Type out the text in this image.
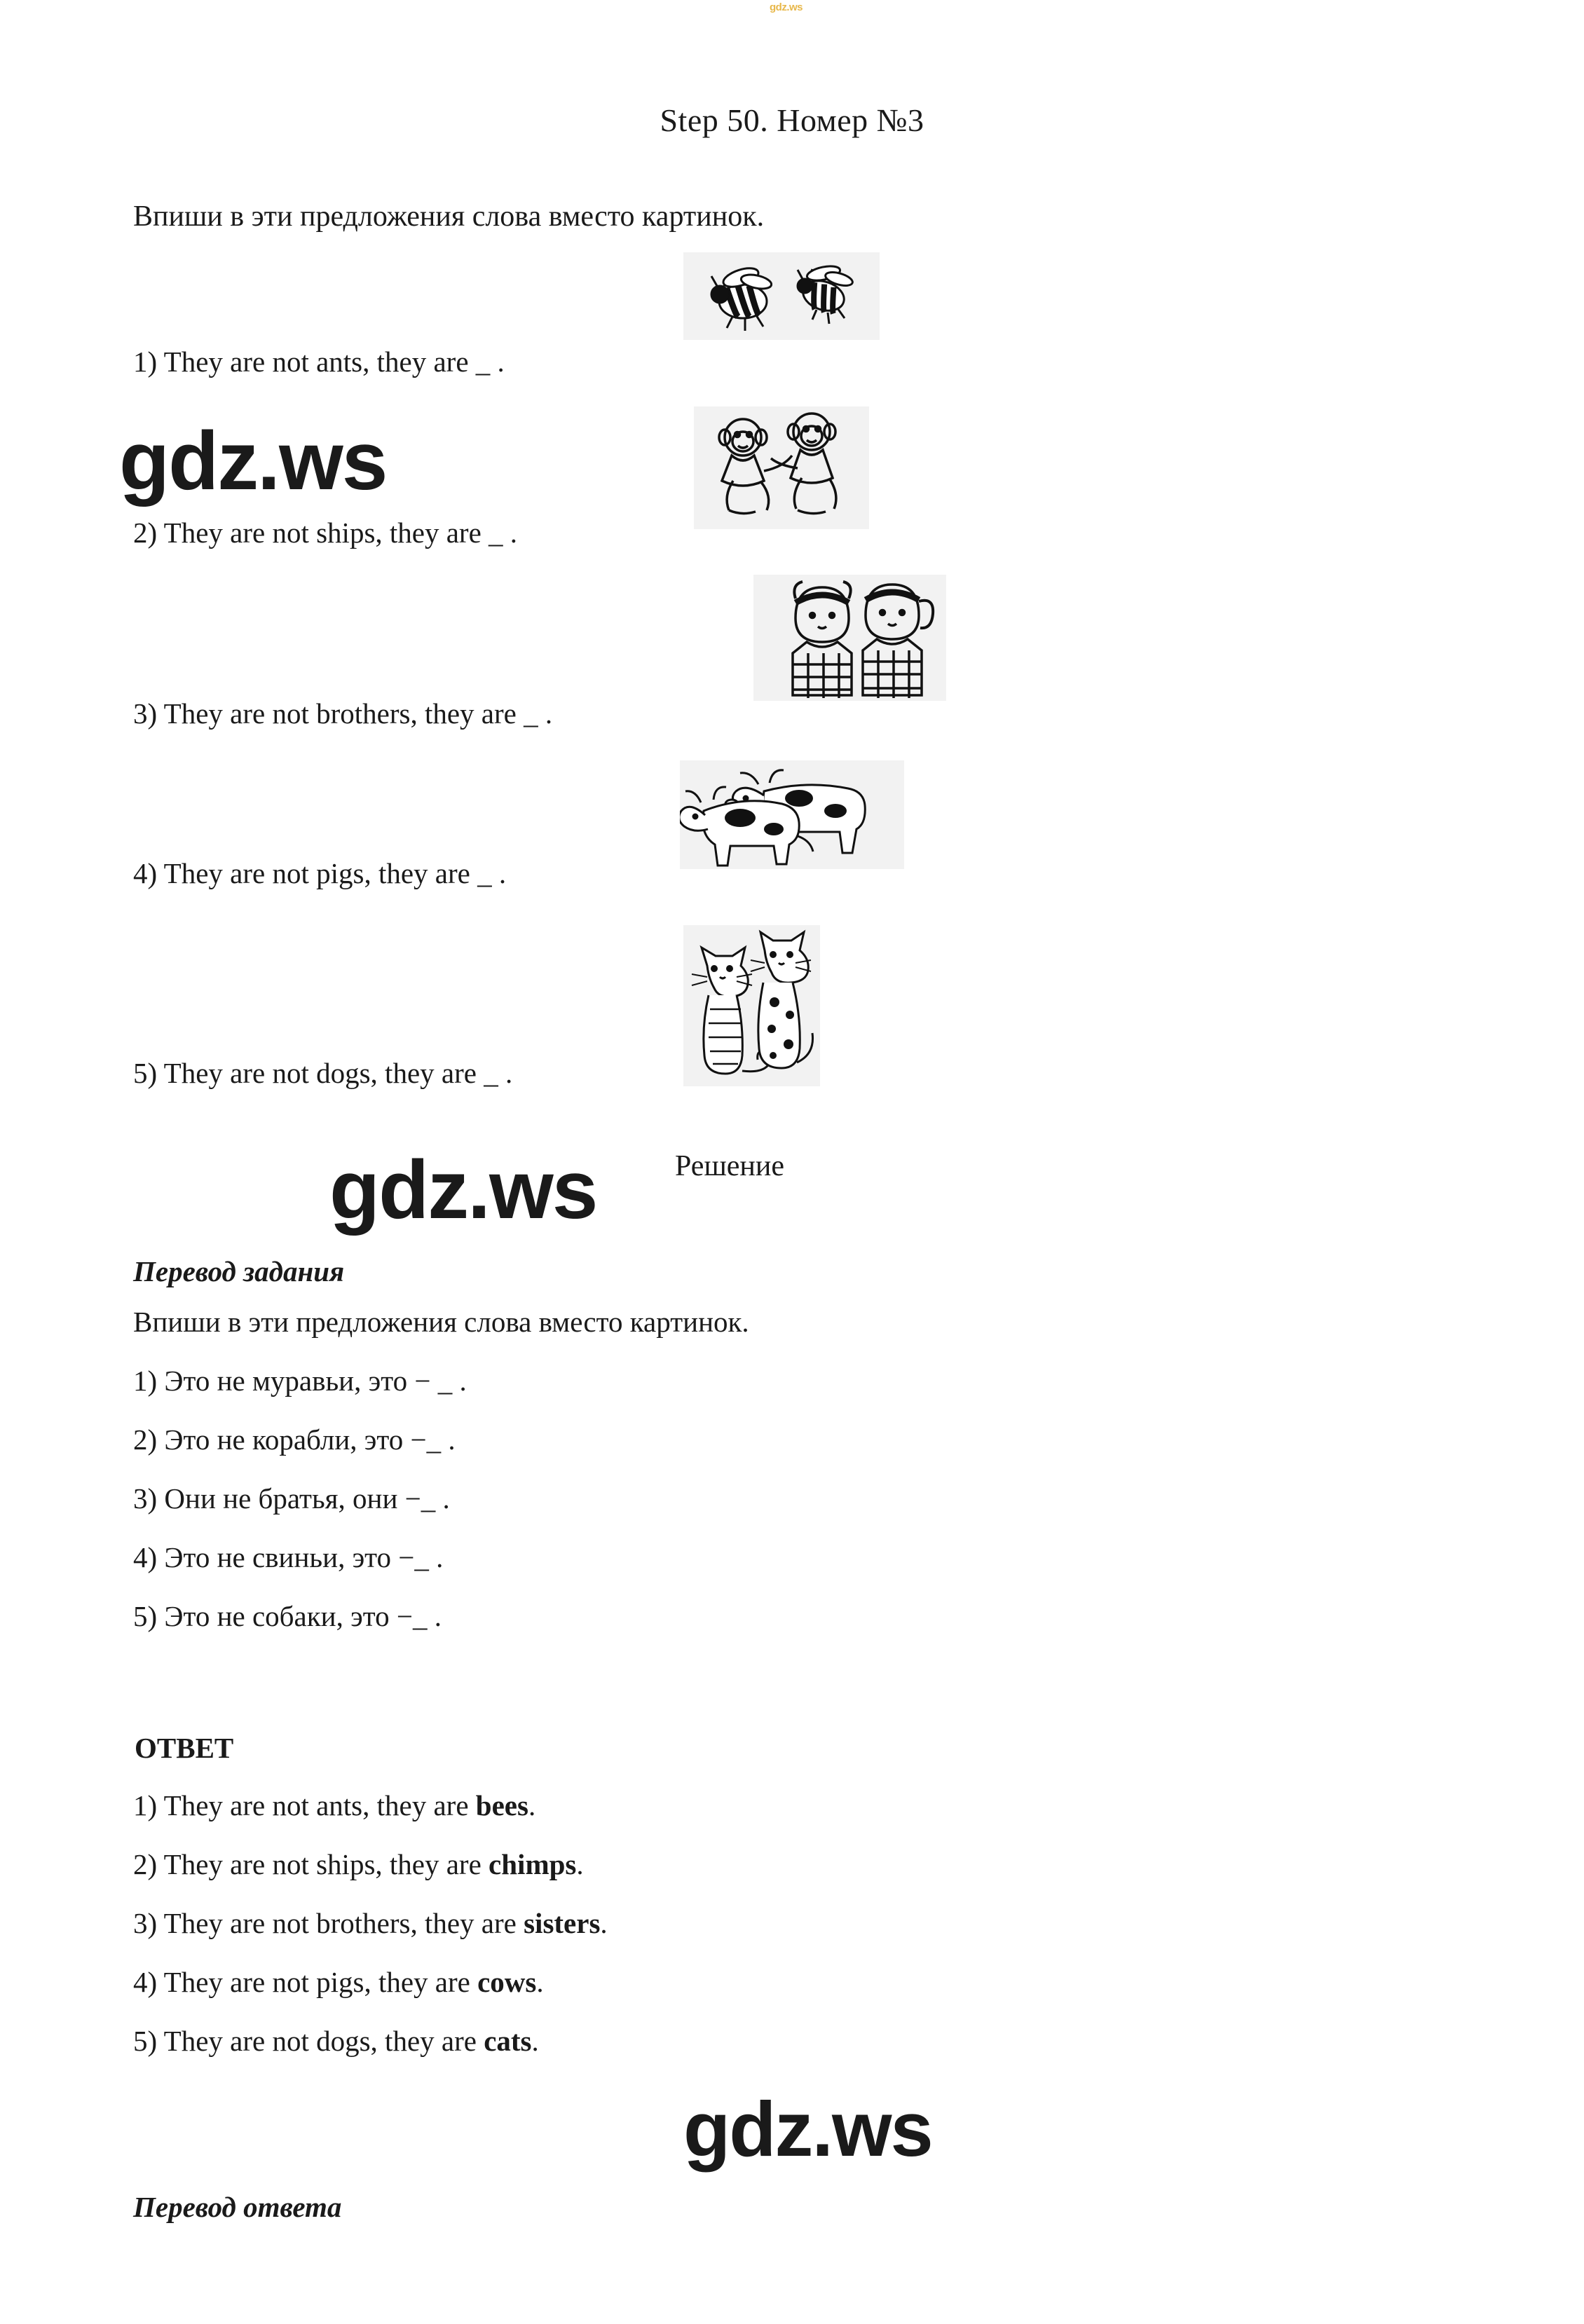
gdz.ws
Step 50. Номер №3
Впиши в эти предложения слова вместо картинок.
1) They are not ants, they are _ .
2) They are not ships, they are _ .
3) They are not brothers, they are _ .
4) They are not pigs, they are _ .
5) They are not dogs, they are _ .
gdz.ws
gdz.ws
gdz.ws
Решение
Перевод задания
Впиши в эти предложения слова вместо картинок.
1) Это не муравьи, это − _ .
2) Это не корабли, это −_ .
3) Они не братья, они −_ .
4) Это не свиньи, это −_ .
5) Это не собаки, это −_ .
ОТВЕТ
1) They are not ants, they are bees.
2) They are not ships, they are chimps.
3) They are not brothers, they are sisters.
4) They are not pigs, they are cows.
5) They are not dogs, they are cats.
Перевод ответа
